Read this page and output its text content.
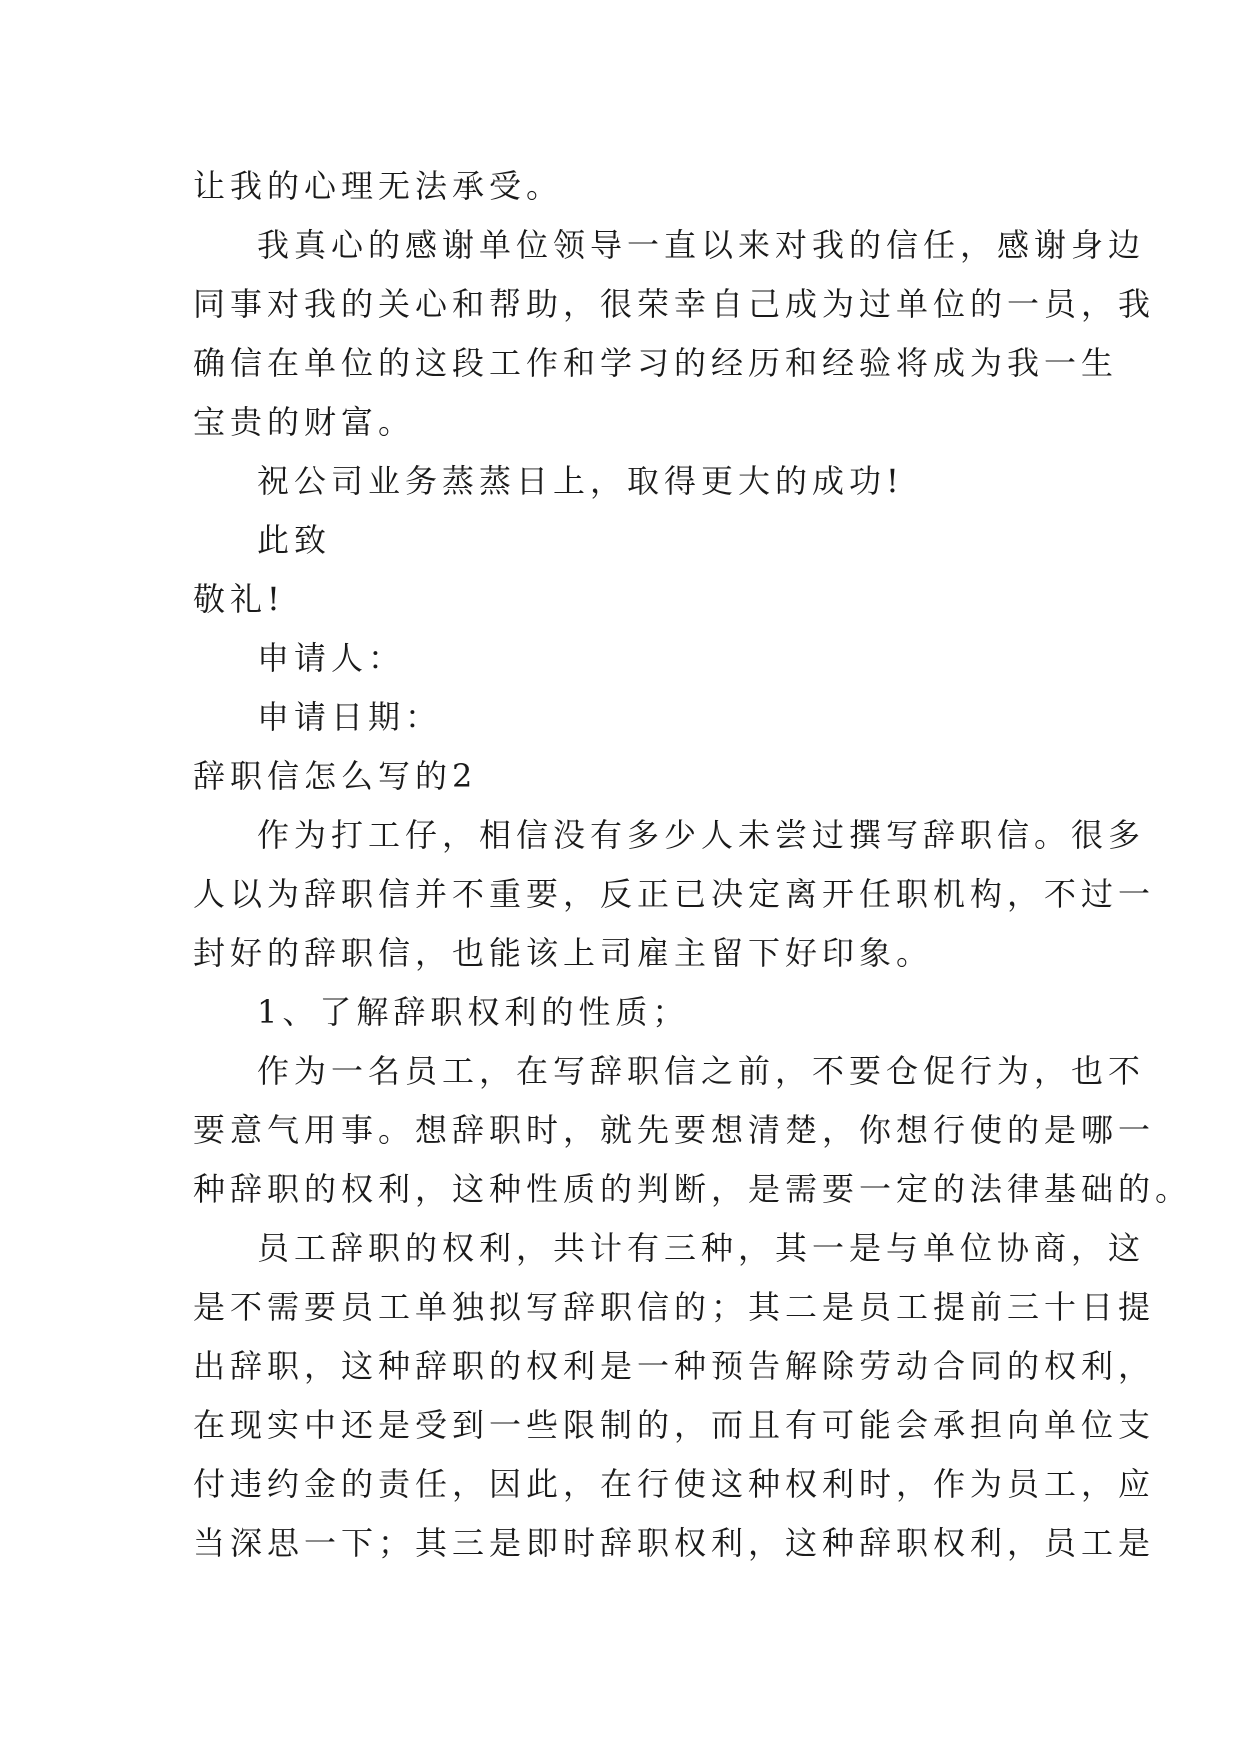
让我的心理无法承受。

我真心的感谢单位领导一直以来对我的信任，感谢身边

同事对我的关心和帮助，很荣幸自己成为过单位的一员，我

确信在单位的这段工作和学习的经历和经验将成为我一生

宝贵的财富。

祝公司业务蒸蒸日上，取得更大的成功!

此致

敬礼!

申请人：

申请日期：

辞职信怎么写的2

作为打工仔，相信没有多少人未尝过撰写辞职信。很多

人以为辞职信并不重要，反正已决定离开任职机构，不过一

封好的辞职信，也能该上司雇主留下好印象。

1、了解辞职权利的性质；

作为一名员工，在写辞职信之前，不要仓促行为，也不

要意气用事。想辞职时，就先要想清楚，你想行使的是哪一

种辞职的权利，这种性质的判断，是需要一定的法律基础的。

员工辞职的权利，共计有三种，其一是与单位协商，这

是不需要员工单独拟写辞职信的；其二是员工提前三十日提

出辞职，这种辞职的权利是一种预告解除劳动合同的权利，

在现实中还是受到一些限制的，而且有可能会承担向单位支

付违约金的责任，因此，在行使这种权利时，作为员工，应

当深思一下；其三是即时辞职权利，这种辞职权利，员工是
